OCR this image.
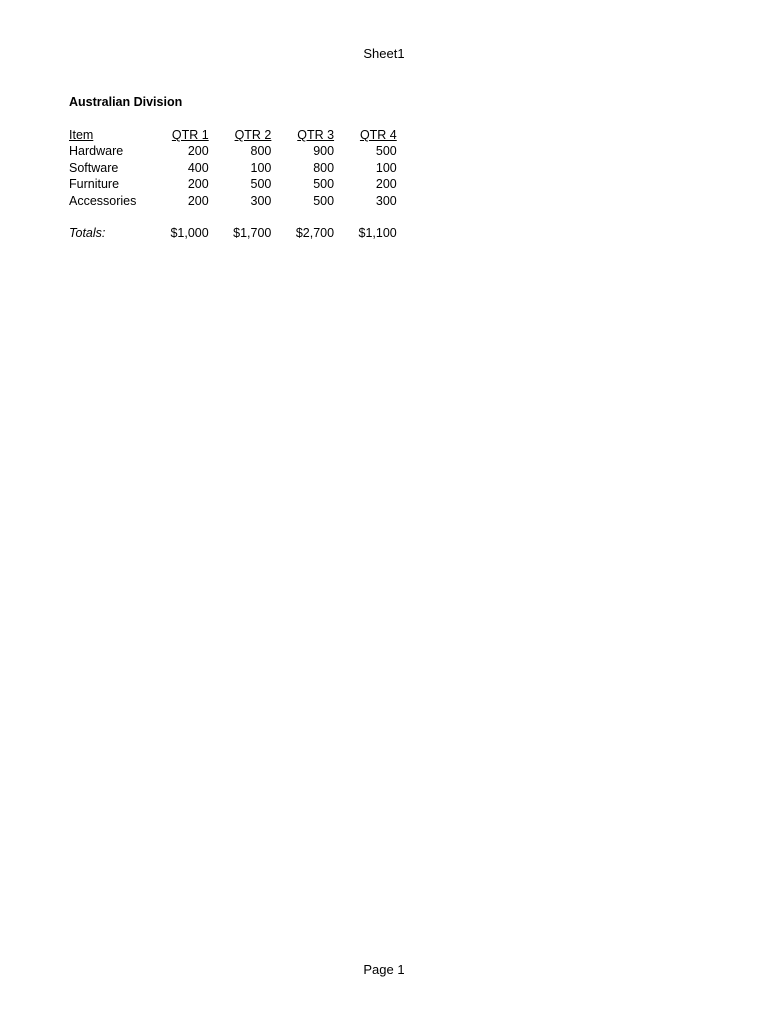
Sheet1
Australian Division
Item	QTR 1	QTR 2	QTR 3	QTR 4
Hardware	200	800	900	500
Software	400	100	800	100
Furniture	200	500	500	200
Accessories	200	300	500	300

Totals:	$1,000	$1,700	$2,700	$1,100
Page 1
